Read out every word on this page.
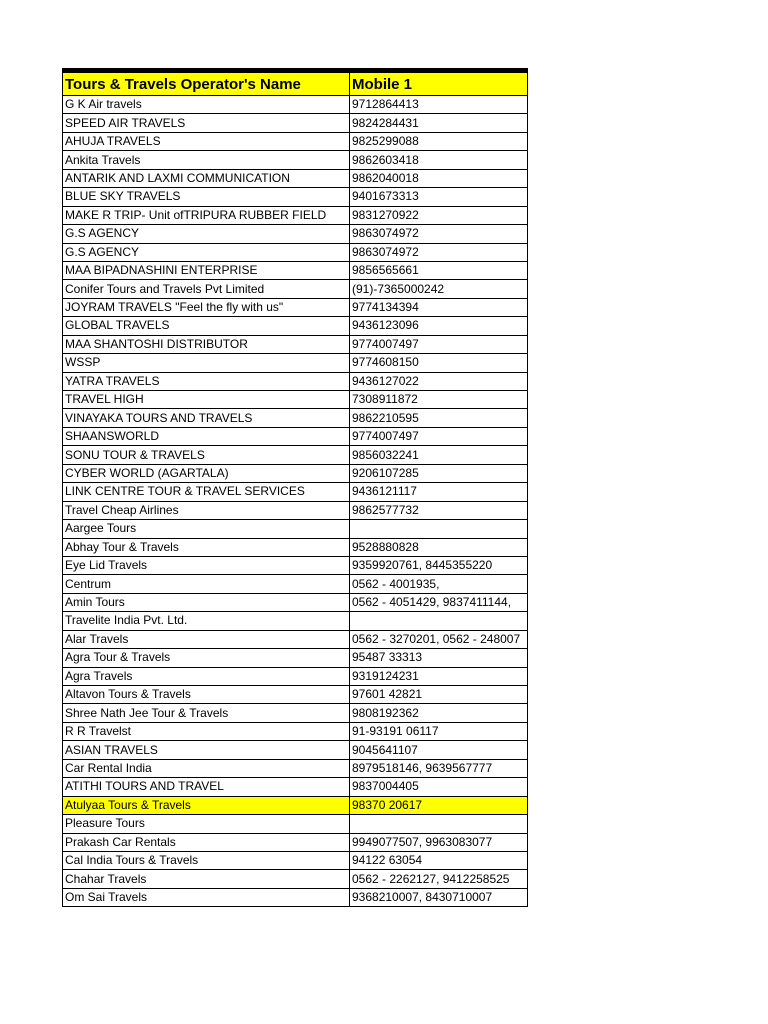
Tours & Travels Operator's Name	Mobile 1
G K Air travels	9712864413
SPEED AIR TRAVELS	9824284431
AHUJA TRAVELS	9825299088
Ankita Travels	9862603418
ANTARIK AND LAXMI COMMUNICATION	9862040018
BLUE SKY TRAVELS	9401673313
MAKE R TRIP- Unit ofTRIPURA RUBBER FIELD	9831270922
G.S AGENCY	9863074972
G.S AGENCY	9863074972
MAA BIPADNASHINI ENTERPRISE	9856565661
Conifer Tours and Travels Pvt Limited	(91)-7365000242
JOYRAM TRAVELS "Feel the fly with us"	9774134394
GLOBAL TRAVELS	9436123096
MAA SHANTOSHI DISTRIBUTOR	9774007497
WSSP	9774608150
YATRA TRAVELS	9436127022
TRAVEL HIGH	7308911872
VINAYAKA TOURS AND TRAVELS	9862210595
SHAANSWORLD	9774007497
SONU TOUR & TRAVELS	9856032241
CYBER WORLD (AGARTALA)	9206107285
LINK CENTRE TOUR & TRAVEL SERVICES	9436121117
Travel Cheap Airlines	9862577732
Aargee Tours	
Abhay Tour & Travels	9528880828
Eye Lid Travels	9359920761, 8445355220
Centrum	0562 - 4001935,
Amin Tours	0562 - 4051429, 9837411144,
Travelite India Pvt. Ltd.	
Alar Travels	0562 - 3270201, 0562 - 248007
Agra Tour & Travels	95487 33313
Agra Travels	9319124231
Altavon Tours & Travels	97601 42821
Shree Nath Jee Tour & Travels	9808192362
R R Travelst	91-93191 06117
ASIAN TRAVELS	9045641107
Car Rental India	8979518146, 9639567777
ATITHI TOURS AND TRAVEL	9837004405
Atulyaa Tours & Travels	98370 20617
Pleasure Tours	
Prakash Car Rentals	9949077507, 9963083077
Cal India Tours & Travels	94122 63054
Chahar Travels	0562 - 2262127, 9412258525
Om Sai Travels	9368210007, 8430710007
